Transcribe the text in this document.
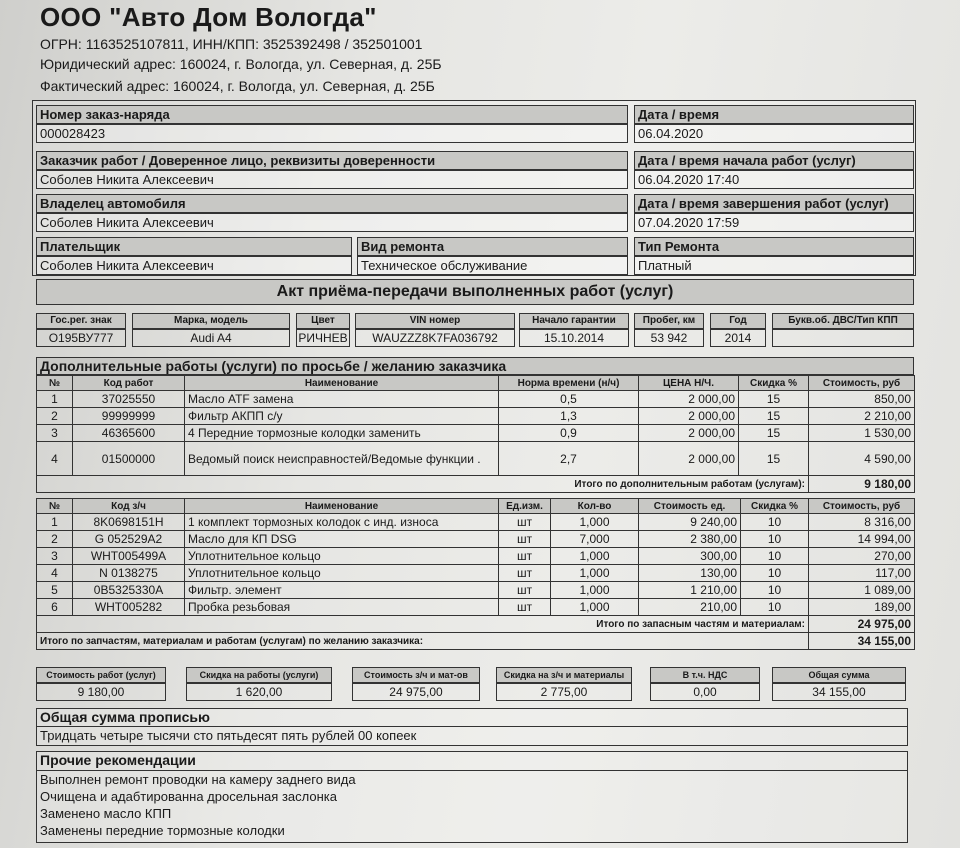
ООО "Авто Дом Вологда"
ОГРН: 1163525107811, ИНН/КПП: 3525392498 / 352501001
Юридический адрес: 160024, г. Вологда, ул. Северная, д. 25Б
Фактический адрес: 160024, г. Вологда, ул. Северная, д. 25Б
Номер заказ-наряда
000028423
Дата / время
06.04.2020
Заказчик работ / Доверенное лицо, реквизиты доверенности
Соболев Никита Алексеевич
Дата / время начала работ (услуг)
06.04.2020 17:40
Владелец автомобиля
Соболев Никита Алексеевич
Дата / время завершения работ (услуг)
07.04.2020 17:59
Плательщик
Соболев Никита Алексеевич
Вид ремонта
Техническое обслуживание
Тип Ремонта
Платный
Акт приёма-передачи выполненных работ (услуг)
Гос.рег. знак
О195ВУ777
Марка, модель
Audi A4
Цвет
РИЧНЕВ
VIN номер
WAUZZZ8K7FA036792
Начало гарантии
15.10.2014
Пробег, км
53 942
Год
2014
Букв.об. ДВС/Тип КПП
Дополнительные работы (услуги) по просьбе / желанию заказчика
№	Код работ	Наименование	Норма времени (н/ч)	ЦЕНА Н/Ч.	Скидка %	Стоимость, руб
1	37025550	Масло ATF замена	0,5	2 000,00	15	850,00
2	99999999	Фильтр АКПП с/у	1,3	2 000,00	15	2 210,00
3	46365600	4 Передние тормозные колодки заменить	0,9	2 000,00	15	1 530,00
4	01500000	Ведомый поиск неисправностей/Ведомые функции .	2,7	2 000,00	15	4 590,00
Итого по дополнительным работам (услугам):						9 180,00
№	Код з/ч	Наименование	Ед.изм.	Кол-во	Стоимость ед.	Скидка %	Стоимость, руб
1	8K0698151H	1 комплект тормозных колодок с инд. износа	шт	1,000	9 240,00	10	8 316,00
2	G 052529A2	Масло для КП DSG	шт	7,000	2 380,00	10	14 994,00
3	WHT005499A	Уплотнительное кольцо	шт	1,000	300,00	10	270,00
4	N 0138275	Уплотнительное кольцо	шт	1,000	130,00	10	117,00
5	0B5325330A	Фильтр. элемент	шт	1,000	1 210,00	10	1 089,00
6	WHT005282	Пробка резьбовая	шт	1,000	210,00	10	189,00
Итого по запасным частям и материалам:							24 975,00
Итого по запчастям, материалам и работам (услугам) по желанию заказчика:							34 155,00
Стоимость работ (услуг)
9 180,00
Скидка на работы (услуги)
1 620,00
Стоимость з/ч и мат-ов
24 975,00
Скидка на з/ч и материалы
2 775,00
В т.ч. НДС
0,00
Общая сумма
34 155,00
Общая сумма прописью
Тридцать четыре тысячи сто пятьдесят пять рублей 00 копеек
Прочие рекомендации
Выполнен ремонт проводки на камеру заднего вида
Очищена и адабтированна дросельная заслонка
Заменено масло КПП
Заменены передние тормозные колодки
